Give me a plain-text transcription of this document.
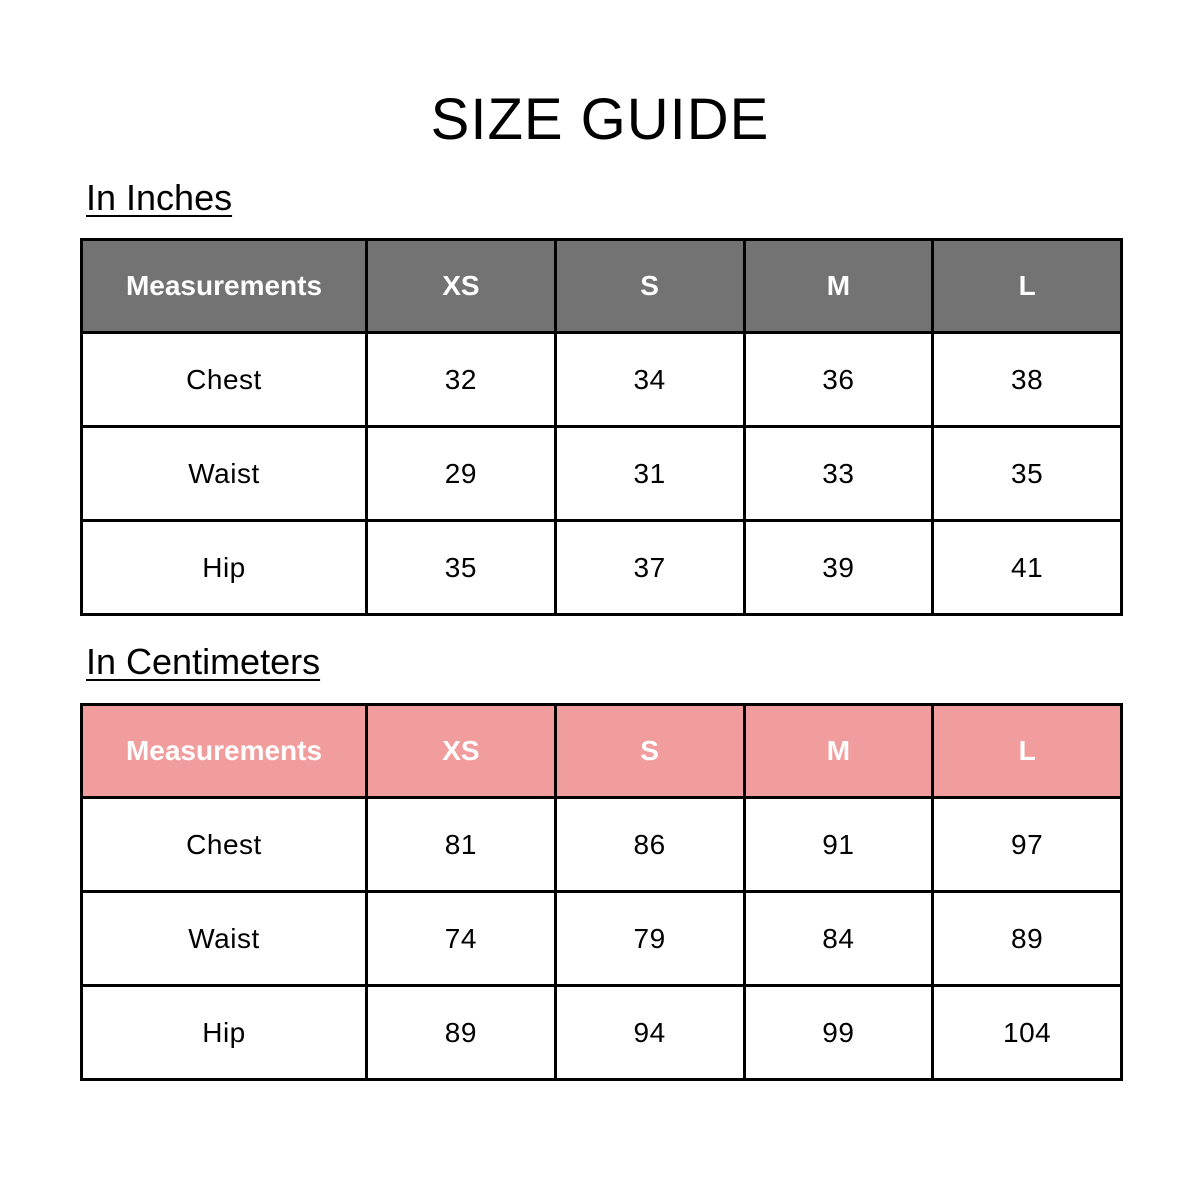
SIZE GUIDE
In Inches
Measurements	XS	S	M	L
Chest	32	34	36	38
Waist	29	31	33	35
Hip	35	37	39	41
In Centimeters
Measurements	XS	S	M	L
Chest	81	86	91	97
Waist	74	79	84	89
Hip	89	94	99	104
